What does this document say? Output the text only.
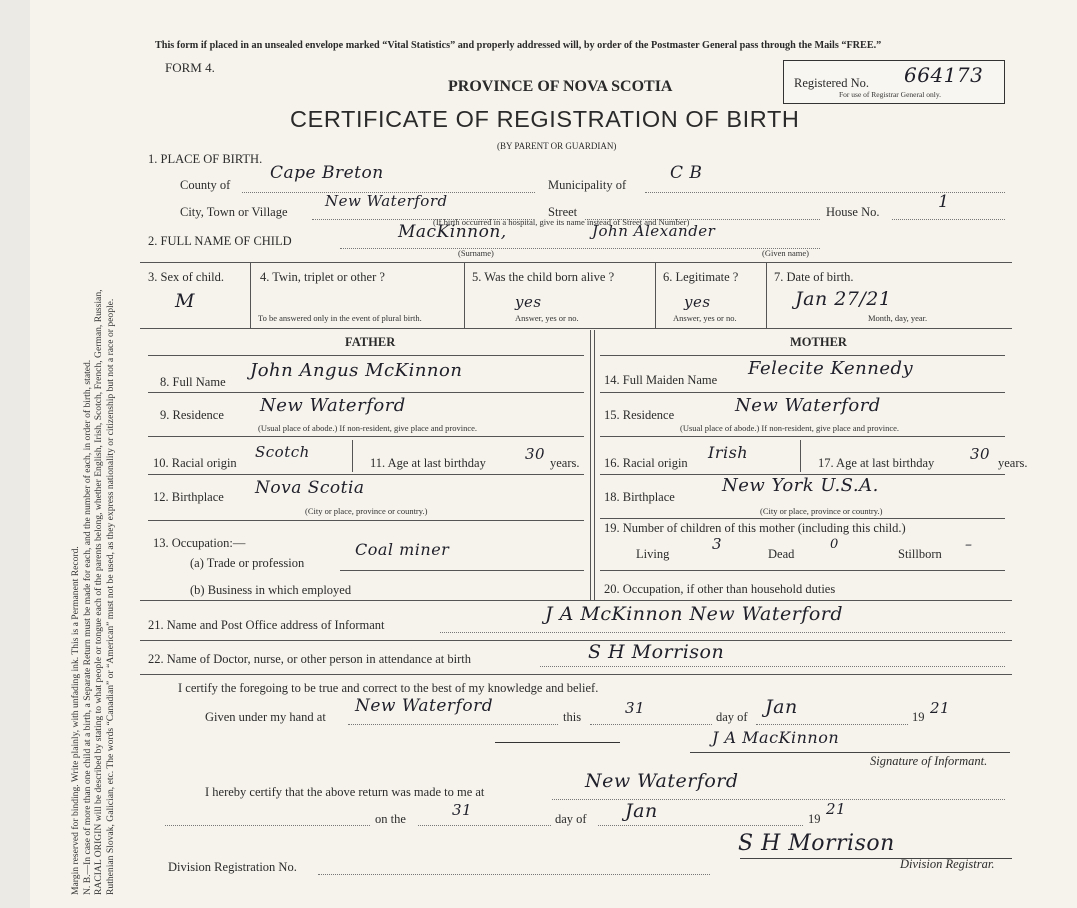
Margin reserved for binding. Write plainly, with unfading ink. This is a Permanent Record. N. B.—In case of more than one child at a birth, a Separate Return must be made for each, and the number of each, in order of birth, stated. RACIAL ORIGIN will be described by stating to what people or tongue each of the parents belong, whether English, Irish, Scotch, French, German, Russian, Ruthenian Slovak, Galician, etc. The words “Canadian” or “American” must not be used, as they express nationality or citizenship but not a race or people.
This form if placed in an unsealed envelope marked “Vital Statistics” and properly addressed will, by order of the Postmaster General pass through the Mails “FREE.”
FORM 4.
PROVINCE OF NOVA SCOTIA
CERTIFICATE OF REGISTRATION OF BIRTH
(BY PARENT OR GUARDIAN)
Registered No. 664173
For use of Registrar General only.
1. PLACE OF BIRTH.
County of
Cape Breton
Municipality of
C B
City, Town or Village
New Waterford
Street	House No.	1
(If birth occurred in a hospital, give its name instead of Street and Number)
2. FULL NAME OF CHILD	MacKinnon,	John Alexander
(Surname)	(Given name)
3. Sex of child.
M
4. Twin, triplet or other ?
To be answered only in the event of plural birth.
5. Was the child born alive ?
yes
Answer, yes or no.
6. Legitimate ?
yes
Answer, yes or no.
7. Date of birth.
Jan 27/21
Month, day, year.
FATHER	MOTHER
8. Full Name
John Angus McKinnon
9. Residence New Waterford
(Usual place of abode.) If non-resident, give place and province.
10. Racial origin
Scotch
11. Age at last birthday	30 years.
12. Birthplace Nova Scotia
(City or place, province or country.)
13. Occupation:—
(a) Trade or profession
Coal miner
(b) Business in which employed
14. Full Maiden Name
Felecite Kennedy
15. Residence	New Waterford
(Usual place of abode.) If non-resident, give place and province.
16. Racial origin
Irish
17. Age at last birthday 30 years.
18. Birthplace
New York U.S.A.
(City or place, province or country.)
19. Number of children of this mother (including this child.)
Living
3
Dead
0
Stillborn
–
20. Occupation, if other than household duties
21. Name and Post Office address of Informant	J A McKinnon New Waterford
22. Name of Doctor, nurse, or other person in attendance at birth	S H Morrison
I certify the foregoing to be true and correct to the best of my knowledge and belief.
Given under my hand at
New Waterford
this	31	day of Jan	19 21
J A MacKinnon
Signature of Informant.
I hereby certify that the above return was made to me at	New Waterford
on the	31	day of Jan	19
21
Division Registration No.
S H Morrison
Division Registrar.
